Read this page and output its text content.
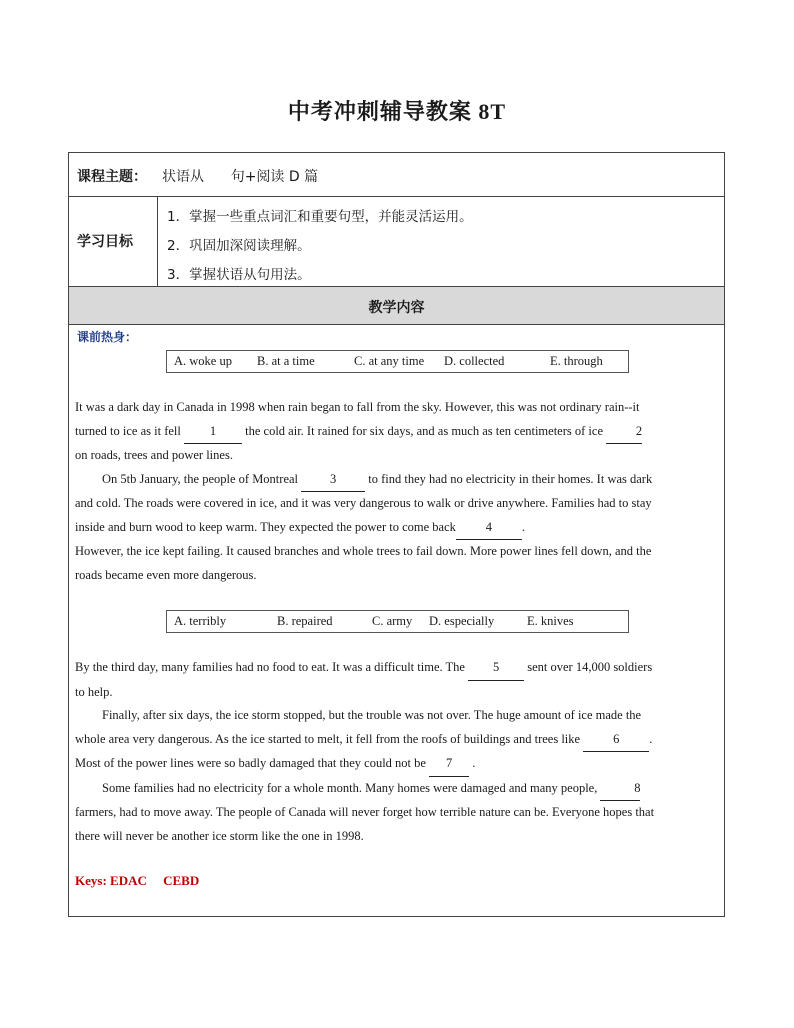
中考冲刺辅导教案 8T
课程主题： 状语从      句+阅读 D 篇
学习目标
1．掌握一些重点词汇和重要句型，并能灵活运用。
2．巩固加深阅读理解。
3．掌握状语从句用法。
教学内容
课前热身：
A. woke up B. at a time	C. at any time D. collected	E. through
It was a dark day in Canada in 1998 when rain began to fall from the sky. However, this was not ordinary rain--it
turned to ice as it fell 1 the cold air. It rained for six days, and as much as ten centimeters of ice 2
on roads, trees and power lines.
On 5tb January, the people of Montreal 3 to find they had no electricity in their homes. It was dark
and cold. The roads were covered in ice, and it was very dangerous to walk or drive anywhere. Families had to stay
inside and burn wood to keep warm. They expected the power to come back 4 .
However, the ice kept failing. It caused branches and whole trees to fail down. More power lines fell down, and the
roads became even more dangerous.
A. terribly	B. repaired	C. army D. especially	E. knives
By the third day, many families had no food to eat. It was a difficult time. The 5 sent over 14,000 soldiers
to help.
Finally, after six days, the ice storm stopped, but the trouble was not over. The huge amount of ice made the
whole area very dangerous. As the ice started to melt, it fell from the roofs of buildings and trees like 6 .
Most of the power lines were so badly damaged that they could not be 7 .
Some families had no electricity for a whole month. Many homes were damaged and many people,	8
farmers, had to move away. The people of Canada will never forget how terrible nature can be. Everyone hopes that
there will never be another ice storm like the one in 1998.
Keys: EDAC     CEBD
